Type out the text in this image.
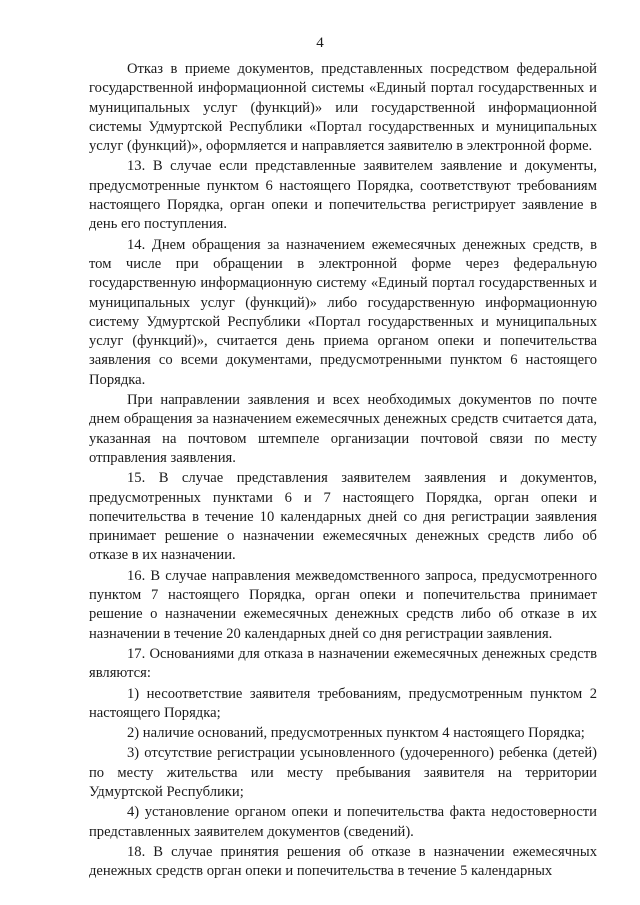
4

Отказ в приеме документов, представленных посредством федеральной государственной информационной системы «Единый портал государственных и муниципальных услуг (функций)» или государственной информационной системы Удмуртской Республики «Портал государственных и муниципальных услуг (функций)», оформляется и направляется заявителю в электронной форме.

13. В случае если представленные заявителем заявление и документы, предусмотренные пунктом 6 настоящего Порядка, соответствуют требованиям настоящего Порядка, орган опеки и попечительства регистрирует заявление в день его поступления.

14. Днем обращения за назначением ежемесячных денежных средств, в том числе при обращении в электронной форме через федеральную государственную информационную систему «Единый портал государственных и муниципальных услуг (функций)» либо государственную информационную систему Удмуртской Республики «Портал государственных и муниципальных услуг (функций)», считается день приема органом опеки и попечительства заявления со всеми документами, предусмотренными пунктом 6 настоящего Порядка.

При направлении заявления и всех необходимых документов по почте днем обращения за назначением ежемесячных денежных средств считается дата, указанная на почтовом штемпеле организации почтовой связи по месту отправления заявления.

15. В случае представления заявителем заявления и документов, предусмотренных пунктами 6 и 7 настоящего Порядка, орган опеки и попечительства в течение 10 календарных дней со дня регистрации заявления принимает решение о назначении ежемесячных денежных средств либо об отказе в их назначении.

16. В случае направления межведомственного запроса, предусмотренного пунктом 7 настоящего Порядка, орган опеки и попечительства принимает решение о назначении ежемесячных денежных средств либо об отказе в их назначении в течение 20 календарных дней со дня регистрации заявления.

17. Основаниями для отказа в назначении ежемесячных денежных средств являются:

1) несоответствие заявителя требованиям, предусмотренным пунктом 2 настоящего Порядка;

2) наличие оснований, предусмотренных пунктом 4 настоящего Порядка;

3) отсутствие регистрации усыновленного (удочеренного) ребенка (детей) по месту жительства или месту пребывания заявителя на территории Удмуртской Республики;

4) установление органом опеки и попечительства факта недостоверности представленных заявителем документов (сведений).

18. В случае принятия решения об отказе в назначении ежемесячных денежных средств орган опеки и попечительства в течение 5 календарных
